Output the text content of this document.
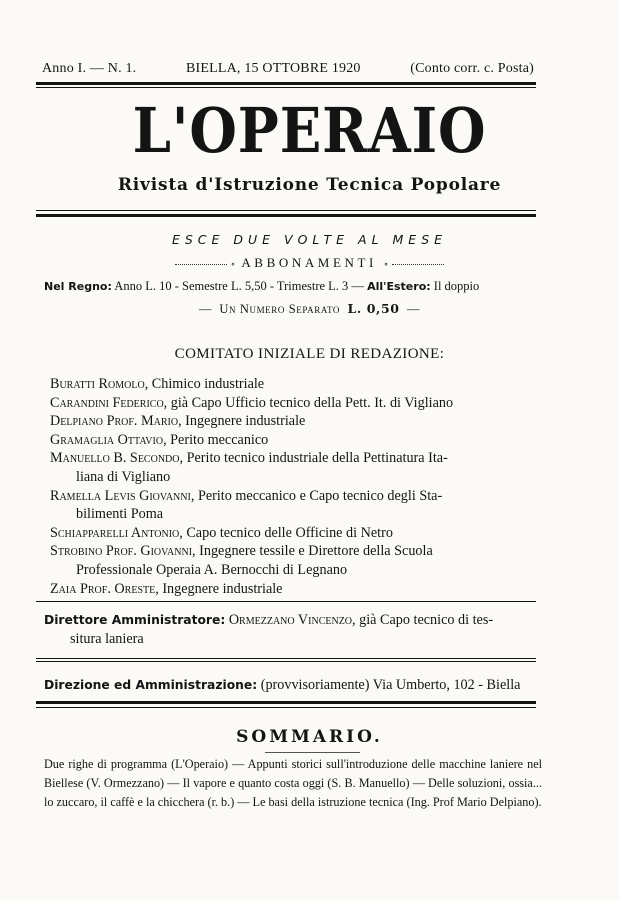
Anno I. — N. 1.	BIELLA, 15 OTTOBRE 1920	(Conto corr. c. Posta)
L'OPERAIO
Rivista d'Istruzione Tecnica Popolare
ESCE DUE VOLTE AL MESE
∘ ABBONAMENTI ∘
Nel Regno: Anno L. 10 - Semestre L. 5,50 - Trimestre L. 3 — All'Estero: Il doppio
—  Un Numero Separato L. 0,50  —
COMITATO INIZIALE DI REDAZIONE:
Buratti Romolo, Chimico industriale
Carandini Federico, già Capo Ufficio tecnico della Pett. It. di Vigliano
Delpiano Prof. Mario, Ingegnere industriale
Gramaglia Ottavio, Perito meccanico
Manuello B. Secondo, Perito tecnico industriale della Pettinatura Ita-
liana di Vigliano
Ramella Levis Giovanni, Perito meccanico e Capo tecnico degli Sta-
bilimenti Poma
Schiapparelli Antonio, Capo tecnico delle Officine di Netro
Strobino Prof. Giovanni, Ingegnere tessile e Direttore della Scuola
Professionale Operaia A. Bernocchi di Legnano
Zaia Prof. Oreste, Ingegnere industriale
Direttore Amministratore: Ormezzano Vincenzo, già Capo tecnico di tes-
situra laniera
Direzione ed Amministrazione: (provvisoriamente) Via Umberto, 102 - Biella
SOMMARIO.
Due righe di programma (L'Operaio) — Appunti storici sull'introduzione delle macchine laniere nel Biellese (V. Ormezzano) — Il vapore e quanto costa oggi (S. B. Manuello) — Delle soluzioni, ossia... lo zuccaro, il caffè e la chicchera (r. b.) — Le basi della istruzione tecnica (Ing. Prof Mario Delpiano).
